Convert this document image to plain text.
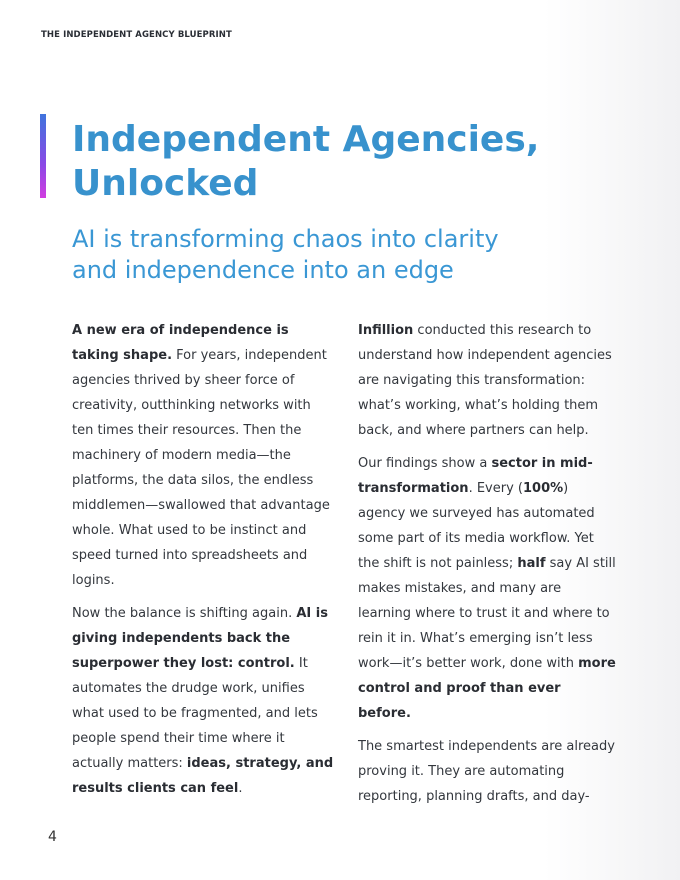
THE INDEPENDENT AGENCY BLUEPRINT
Independent Agencies,
Unlocked
AI is transforming chaos into clarity
and independence into an edge

A new era of independence is taking shape. For years, independent agencies thrived by sheer force of creativity, outthinking networks with ten times their resources. Then the machinery of modern media—the platforms, the data silos, the endless middlemen—swallowed that advantage whole. What used to be instinct and speed turned into spreadsheets and logins.

Now the balance is shifting again. AI is giving independents back the superpower they lost: control. It automates the drudge work, unifies what used to be fragmented, and lets people spend their time where it actually matters: ideas, strategy, and results clients can feel.

Infillion conducted this research to understand how independent agencies are navigating this transformation: what’s working, what’s holding them back, and where partners can help.

Our findings show a sector in mid-transformation. Every (100%) agency we surveyed has automated some part of its media workflow. Yet the shift is not painless; half say AI still makes mistakes, and many are learning where to trust it and where to rein it in. What’s emerging isn’t less work—it’s better work, done with more control and proof than ever before.

The smartest independents are already proving it. They are automating reporting, planning drafts, and day-

4
